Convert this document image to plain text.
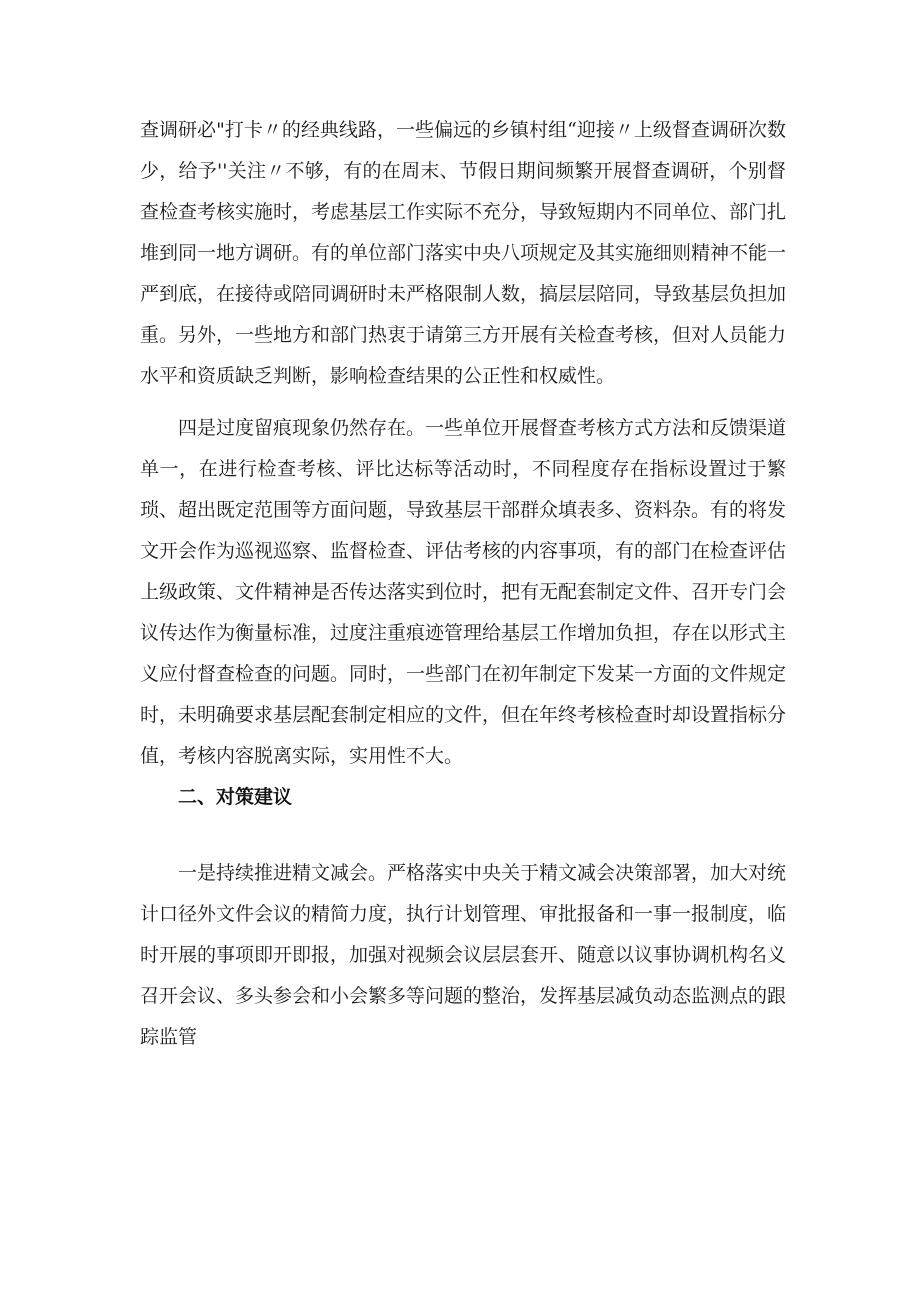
查调研必"打卡〃的经典线路，一些偏远的乡镇村组“迎接〃上级督查调研次数少，给予''关注〃不够，有的在周末、节假日期间频繁开展督查调研，个别督查检查考核实施时，考虑基层工作实际不充分，导致短期内不同单位、部门扎堆到同一地方调研。有的单位部门落实中央八项规定及其实施细则精神不能一严到底，在接待或陪同调研时未严格限制人数，搞层层陪同，导致基层负担加重。另外，一些地方和部门热衷于请第三方开展有关检查考核，但对人员能力水平和资质缺乏判断，影响检查结果的公正性和权威性。

四是过度留痕现象仍然存在。一些单位开展督查考核方式方法和反馈渠道单一，在进行检查考核、评比达标等活动时，不同程度存在指标设置过于繁琐、超出既定范围等方面问题，导致基层干部群众填表多、资料杂。有的将发文开会作为巡视巡察、监督检查、评估考核的内容事项，有的部门在检查评估上级政策、文件精神是否传达落实到位时，把有无配套制定文件、召开专门会议传达作为衡量标准，过度注重痕迹管理给基层工作增加负担，存在以形式主义应付督查检查的问题。同时，一些部门在初年制定下发某一方面的文件规定时，未明确要求基层配套制定相应的文件，但在年终考核检查时却设置指标分值，考核内容脱离实际，实用性不大。

二、对策建议

一是持续推进精文减会。严格落实中央关于精文减会决策部署，加大对统计口径外文件会议的精简力度，执行计划管理、审批报备和一事一报制度，临时开展的事项即开即报，加强对视频会议层层套开、随意以议事协调机构名义召开会议、多头参会和小会繁多等问题的整治，发挥基层减负动态监测点的跟踪监管
